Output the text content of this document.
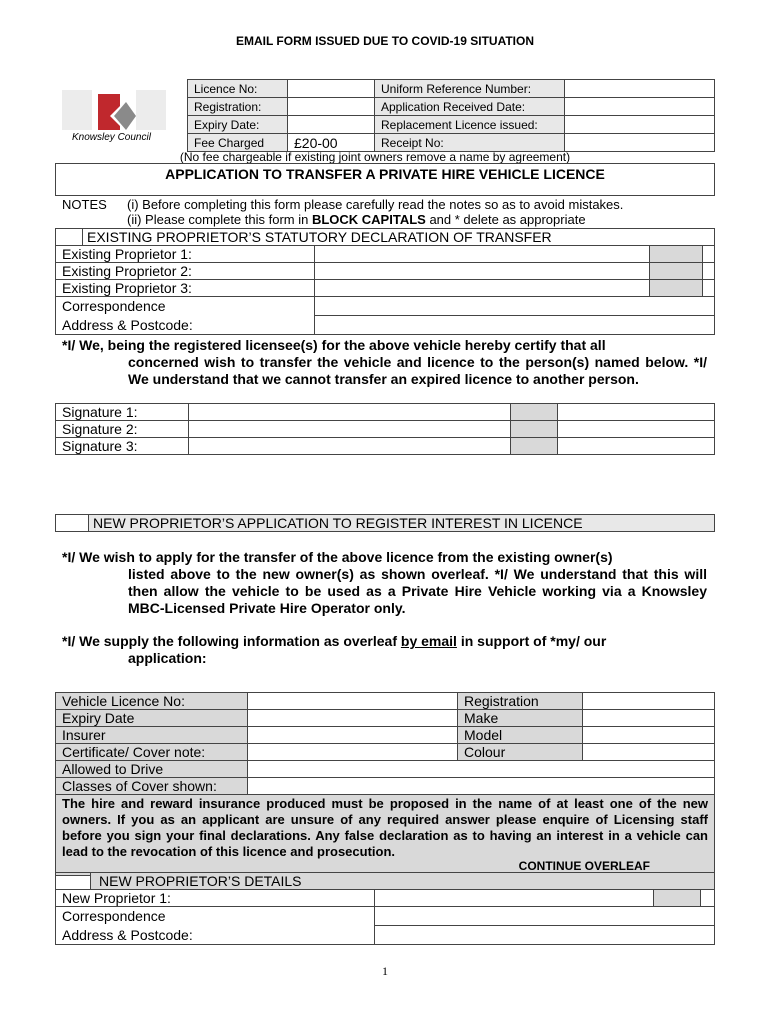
EMAIL FORM ISSUED DUE TO COVID-19 SITUATION
Knowsley Council
Licence No:		Uniform Reference Number:	
Registration:		Application Received Date:	
Expiry Date:		Replacement Licence issued:	
Fee Charged	£20-00	Receipt No:	
(No fee chargeable if existing joint owners remove a name by agreement)
APPLICATION TO TRANSFER A PRIVATE HIRE VEHICLE LICENCE
NOTES (i) Before completing this form please carefully read the notes so as to avoid mistakes.
(ii) Please complete this form in BLOCK CAPITALS and * delete as appropriate
	EXISTING PROPRIETOR’S STATUTORY DECLARATION OF TRANSFER			
Existing Proprietor 1:				
Existing Proprietor 2:				
Existing Proprietor 3:				
Correspondence				
Address & Postcode:				
*I/ We, being the registered licensee(s) for the above vehicle hereby certify that all
concerned wish to transfer the vehicle and licence to the person(s) named below. *I/ We understand that we cannot transfer an expired licence to another person.
Signature 1:			
Signature 2:			
Signature 3:			
	NEW PROPRIETOR’S APPLICATION TO REGISTER INTEREST IN LICENCE
*I/ We wish to apply for the transfer of the above licence from the existing owner(s)
listed above to the new owner(s) as shown overleaf. *I/ We understand that this will then allow the vehicle to be used as a Private Hire Vehicle working via a Knowsley MBC-Licensed Private Hire Operator only.
*I/ We supply the following information as overleaf by email in support of *my/ our
application:
Vehicle Licence No:		Registration	
Expiry Date		Make	
Insurer		Model	
Certificate/ Cover note:		Colour	
Allowed to Drive			
Classes of Cover shown:			

The hire and reward insurance produced must be proposed in the name of at least one of the new owners. If you as an applicant are unsure of any required answer please enquire of Licensing staff before you sign your final declarations. Any false declaration as to having an interest in a vehicle can lead to the revocation of this licence and prosecution.
CONTINUE OVERLEAF			
	NEW PROPRIETOR’S DETAILS			
New Proprietor 1:				
Correspondence				
Address & Postcode:				
1
